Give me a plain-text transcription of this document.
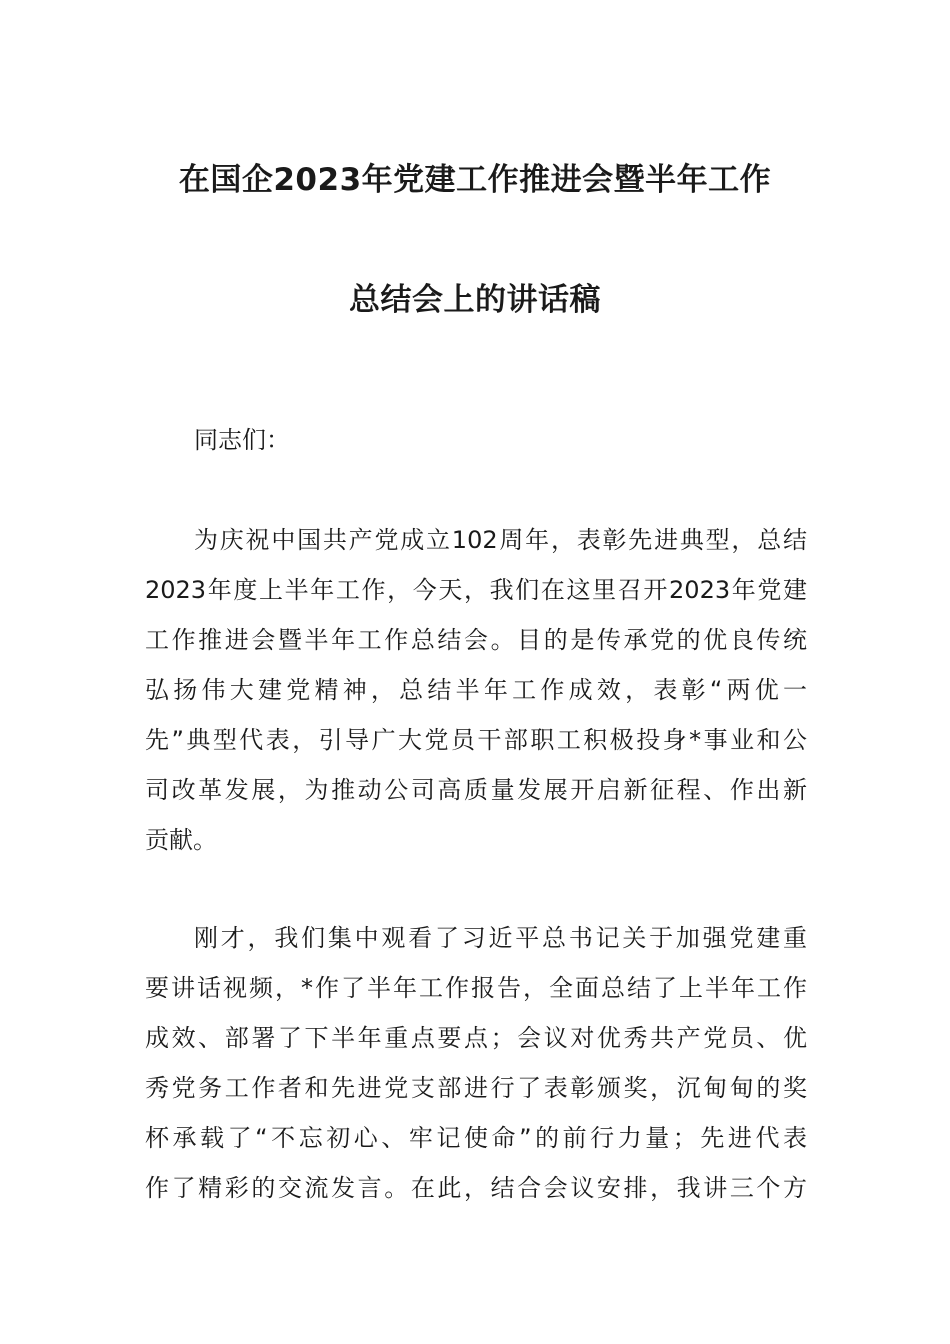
在国企2023年党建工作推进会暨半年工作
总结会上的讲话稿
同志们：
为庆祝中国共产党成立102周年，表彰先进典型，总结
2023年度上半年工作，今天，我们在这里召开2023年党建
工作推进会暨半年工作总结会。目的是传承党的优良传统
弘扬伟大建党精神，总结半年工作成效，表彰“两优一
先”典型代表，引导广大党员干部职工积极投身*事业和公
司改革发展，为推动公司高质量发展开启新征程、作出新
贡献。
刚才，我们集中观看了习近平总书记关于加强党建重
要讲话视频，*作了半年工作报告，全面总结了上半年工作
成效、部署了下半年重点要点；会议对优秀共产党员、优
秀党务工作者和先进党支部进行了表彰颁奖，沉甸甸的奖
杯承载了“不忘初心、牢记使命”的前行力量；先进代表
作了精彩的交流发言。在此，结合会议安排，我讲三个方
